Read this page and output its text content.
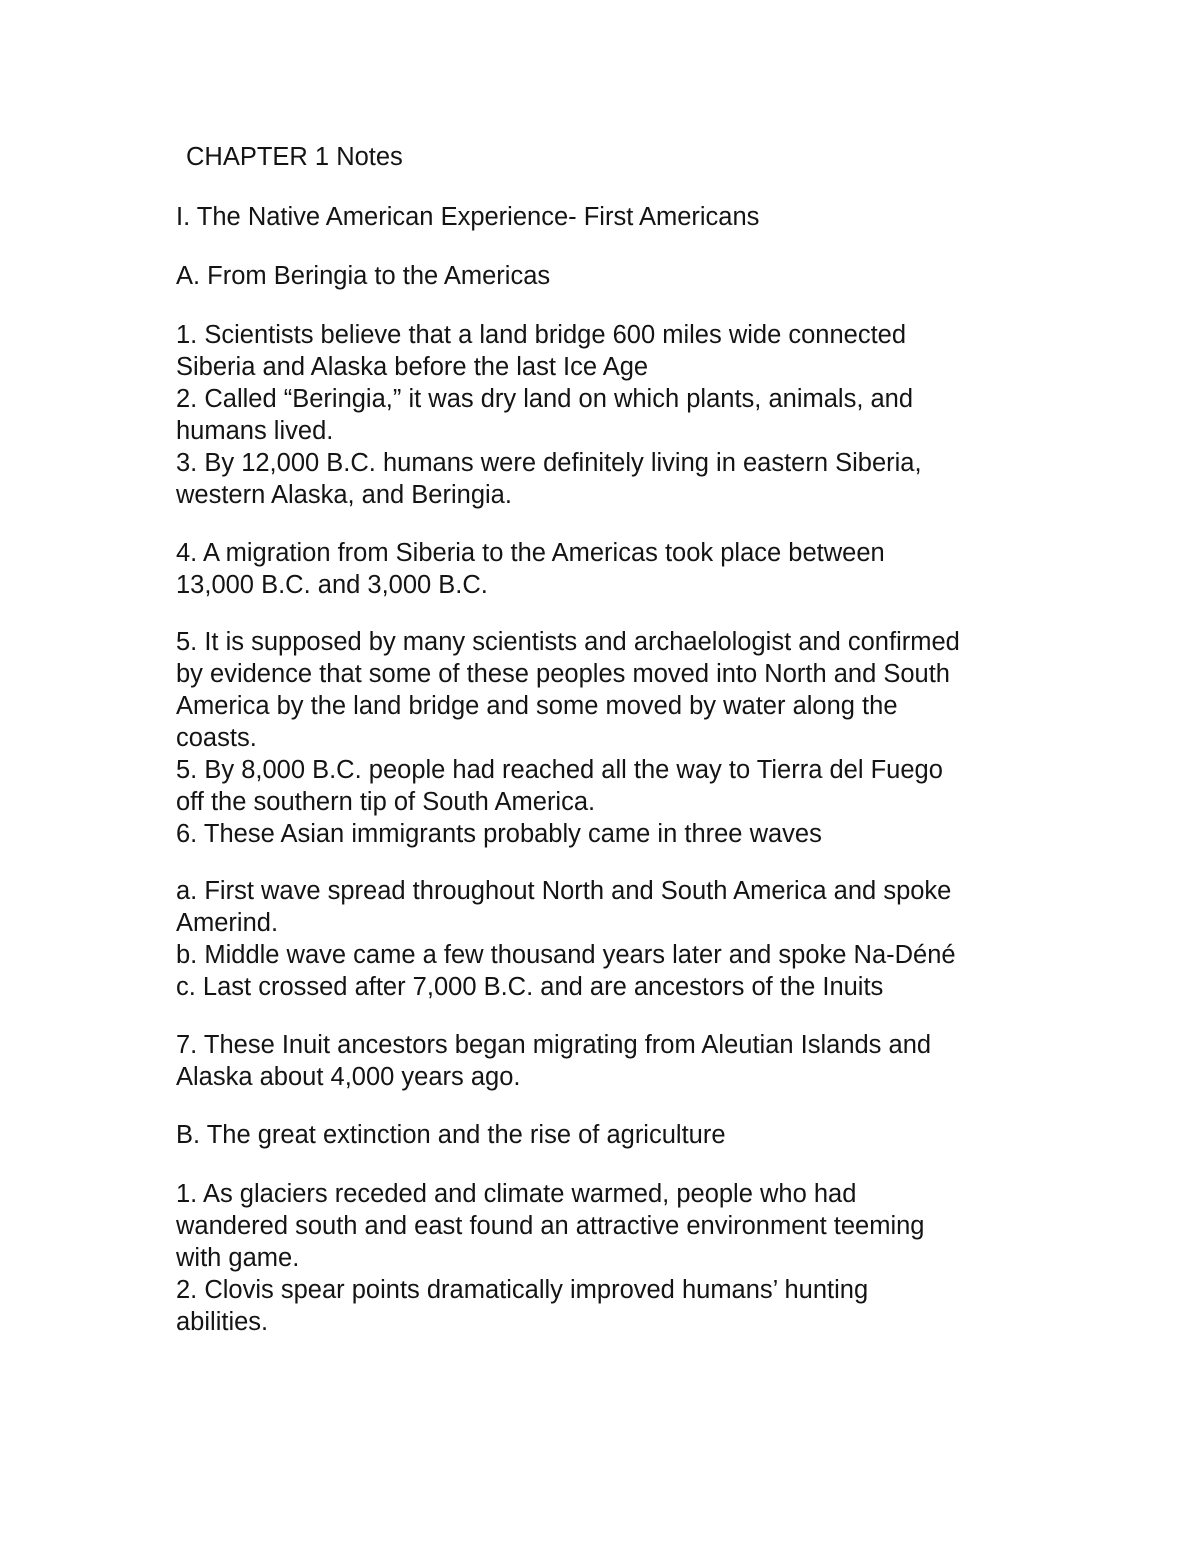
CHAPTER 1 Notes
I. The Native American Experience- First Americans
A. From Beringia to the Americas
1. Scientists believe that a land bridge 600 miles wide connected
Siberia and Alaska before the last Ice Age
2. Called “Beringia,” it was dry land on which plants, animals, and
humans lived.
3. By 12,000 B.C. humans were definitely living in eastern Siberia,
western Alaska, and Beringia.
4. A migration from Siberia to the Americas took place between
13,000 B.C. and 3,000 B.C.
5. It is supposed by many scientists and archaelologist and confirmed
by evidence that some of these peoples moved into North and South
America by the land bridge and some moved by water along the
coasts.
5. By 8,000 B.C. people had reached all the way to Tierra del Fuego
off the southern tip of South America.
6. These Asian immigrants probably came in three waves
a. First wave spread throughout North and South America and spoke
Amerind.
b. Middle wave came a few thousand years later and spoke Na-Déné
c. Last crossed after 7,000 B.C. and are ancestors of the Inuits
7. These Inuit ancestors began migrating from Aleutian Islands and
Alaska about 4,000 years ago.
B. The great extinction and the rise of agriculture
1. As glaciers receded and climate warmed, people who had
wandered south and east found an attractive environment teeming
with game.
2. Clovis spear points dramatically improved humans’ hunting
abilities.
